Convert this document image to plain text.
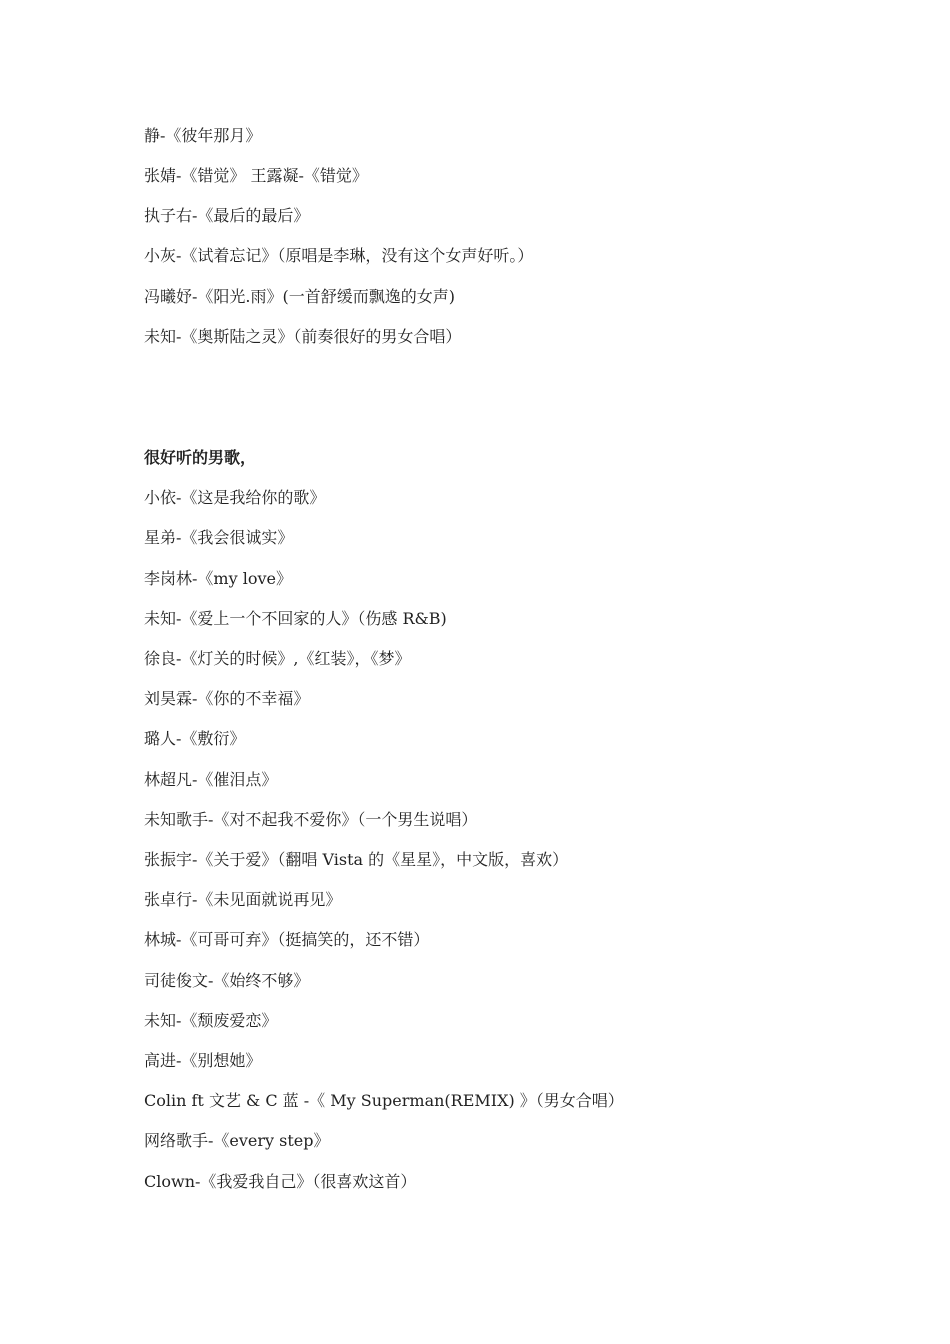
静-《彼年那月》
张婧-《错觉》 王露凝-《错觉》
执子右-《最后的最后》
小灰-《试着忘记》（原唱是李琳，没有这个女声好听。）
冯曦妤-《阳光.雨》(一首舒缓而飘逸的女声)
未知-《奥斯陆之灵》（前奏很好的男女合唱）
很好听的男歌，
小依-《这是我给你的歌》
星弟-《我会很诚实》
李岗林-《my love》
未知-《爱上一个不回家的人》（伤感 R&B)
徐良-《灯关的时候》,《红装》，《梦》
刘昊霖-《你的不幸福》
璐人-《敷衍》
林超凡-《催泪点》
未知歌手-《对不起我不爱你》（一个男生说唱）
张振宇-《关于爱》（翻唱 Vista 的《星星》，中文版，喜欢）
张卓行-《未见面就说再见》
林城-《可哥可弃》（挺搞笑的，还不错）
司徒俊文-《始终不够》
未知-《颓废爱恋》
高进-《别想她》
Colin ft 文艺 & C 蓝 -《 My Superman(REMIX) 》（男女合唱）
网络歌手-《every step》
Clown-《我爱我自己》（很喜欢这首）
